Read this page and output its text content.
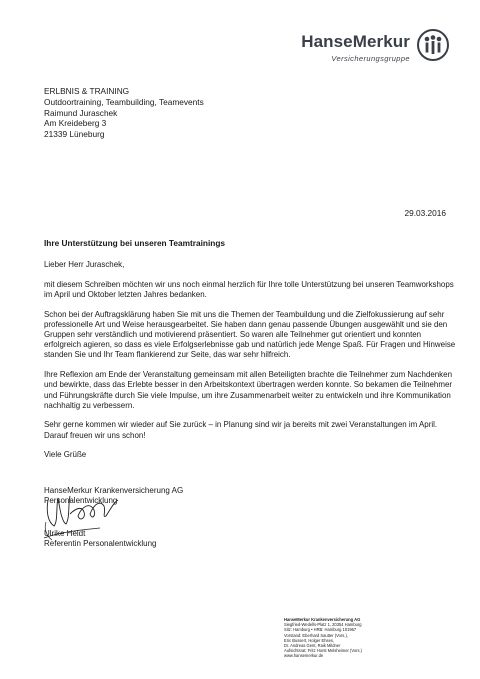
HanseMerkur
Versicherungsgruppe
ERLBNIS & TRAINING
Outdoortraining, Teambuilding, Teamevents
Raimund Juraschek
Am Kreideberg 3
21339 Lüneburg
29.03.2016
Ihre Unterstützung bei unseren Teamtrainings

Lieber Herr Juraschek,

mit diesem Schreiben möchten wir uns noch einmal herzlich für Ihre tolle Unterstützung bei unseren Teamworkshops im April und Oktober letzten Jahres bedanken.

Schon bei der Auftragsklärung haben Sie mit uns die Themen der Teambuildung und die Zielfokussierung auf sehr professionelle Art und Weise herausgearbeitet. Sie haben dann genau passende Übungen ausgewählt und sie den Gruppen sehr verständlich und motivierend präsentiert. So waren alle Teilnehmer gut orientiert und konnten erfolgreich agieren, so dass es viele Erfolgserlebnisse gab und natürlich jede Menge Spaß. Für Fragen und Hinweise standen Sie und Ihr Team flankierend zur Seite, das war sehr hilfreich.

Ihre Reflexion am Ende der Veranstaltung gemeinsam mit allen Beteiligten brachte die Teilnehmer zum Nachdenken und bewirkte, dass das Erlebte besser in den Arbeitskontext übertragen werden konnte. So bekamen die Teilnehmer und Führungskräfte durch Sie viele Impulse, um ihre Zusammenarbeit weiter zu entwickeln und ihre Kommunikation nachhaltig zu verbessern.

Sehr gerne kommen wir wieder auf Sie zurück – in Planung sind wir ja bereits mit zwei Veranstaltungen im April. Darauf freuen wir uns schon!

Viele Grüße

HanseMerkur Krankenversicherung AG
Personalentwicklung
Ulrike Heldt
Referentin Personalentwicklung
HanseMerkur Krankenversicherung AG
Siegfried-Wedells-Platz 1, 20354 Hamburg
Sitz: Hamburg • HRB: Hamburg 101967
Vorstand: Eberhard Sautter (Vors.),
Eric Bussert, Holger Ehses,
Dr. Andreas Gent, Raik Mildner
Aufsichtsrat: Fritz Horst Melsheimer (Vors.)
www.hansemerkur.de
